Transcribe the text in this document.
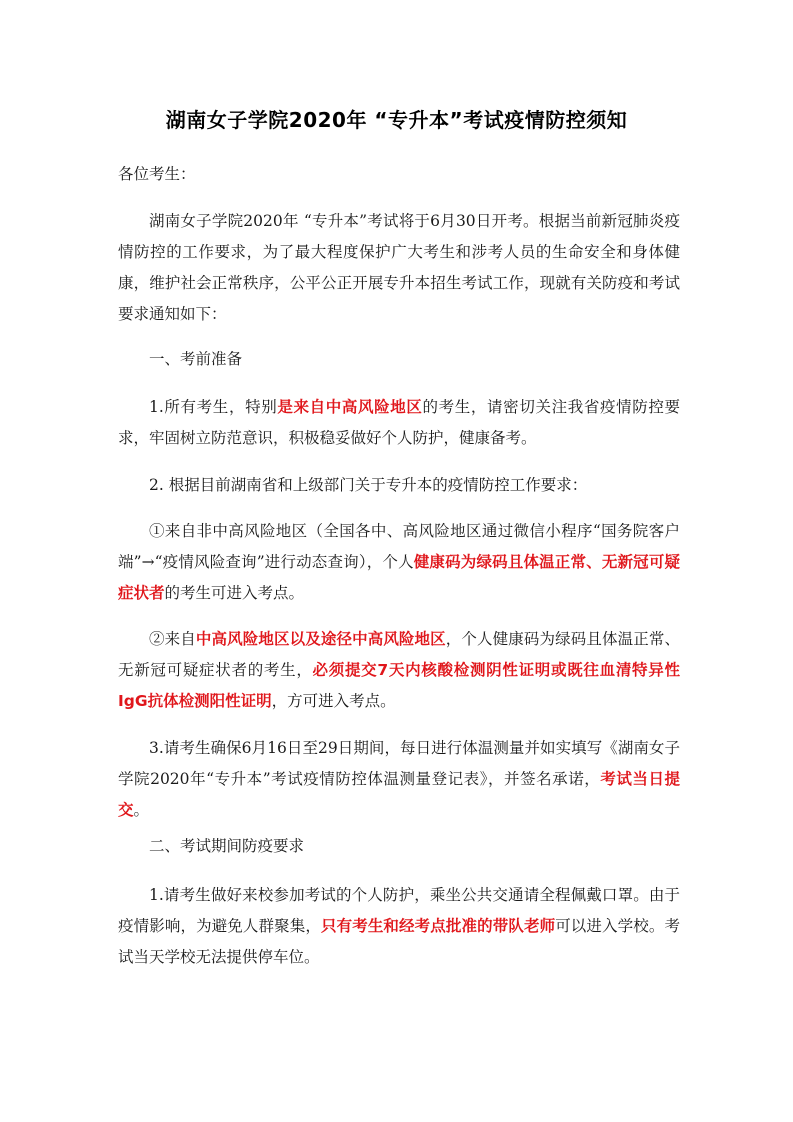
湖南女子学院2020年 “专升本”考试疫情防控须知
各位考生：
湖南女子学院2020年 “专升本”考试将于6月30日开考。根据当前新冠肺炎疫情防控的工作要求，为了最大程度保护广大考生和涉考人员的生命安全和身体健康，维护社会正常秩序，公平公正开展专升本招生考试工作，现就有关防疫和考试要求通知如下：
一、考前准备
1.所有考生，特别是来自中高风险地区的考生，请密切关注我省疫情防控要求，牢固树立防范意识，积极稳妥做好个人防护，健康备考。
2. 根据目前湖南省和上级部门关于专升本的疫情防控工作要求：
①来自非中高风险地区（全国各中、高风险地区通过微信小程序“国务院客户端”→“疫情风险查询”进行动态查询），个人健康码为绿码且体温正常、无新冠可疑症状者的考生可进入考点。
②来自中高风险地区以及途径中高风险地区，个人健康码为绿码且体温正常、无新冠可疑症状者的考生，必须提交7天内核酸检测阴性证明或既往血清特异性IgG抗体检测阳性证明，方可进入考点。
3.请考生确保6月16日至29日期间，每日进行体温测量并如实填写《湖南女子学院2020年“专升本”考试疫情防控体温测量登记表》，并签名承诺，考试当日提交。
二、考试期间防疫要求
1.请考生做好来校参加考试的个人防护，乘坐公共交通请全程佩戴口罩。由于疫情影响，为避免人群聚集，只有考生和经考点批准的带队老师可以进入学校。考试当天学校无法提供停车位。
